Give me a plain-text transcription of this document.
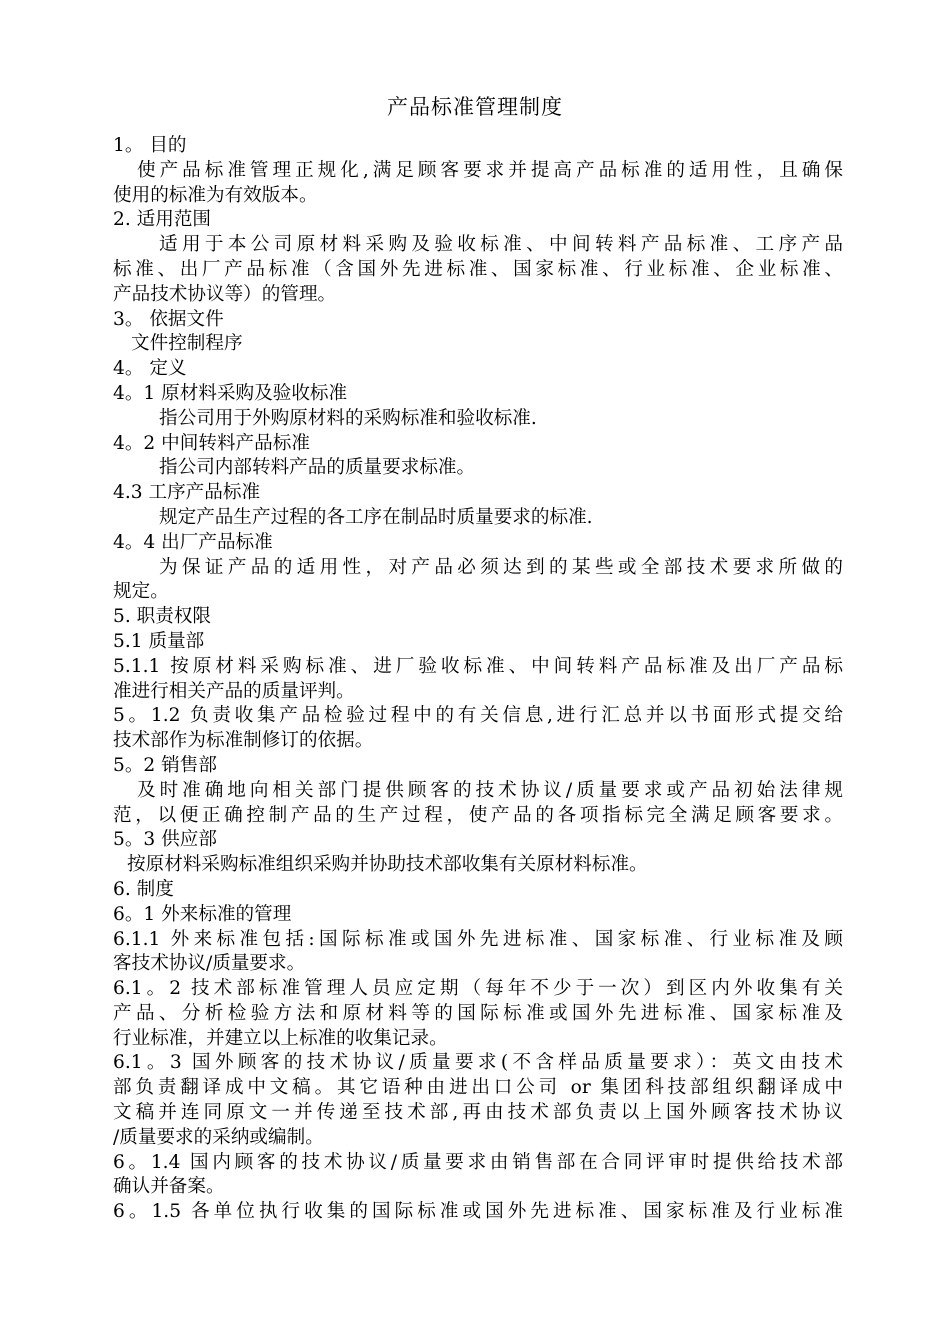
产品标准管理制度
1。 目的
使产品标准管理正规化,满足顾客要求并提高产品标准的适用性，且确保
使用的标准为有效版本。
2. 适用范围
适用于本公司原材料采购及验收标准、中间转料产品标准、工序产品
标准、出厂产品标准（含国外先进标准、国家标准、行业标准、企业标准、
产品技术协议等）的管理。
3。 依据文件
文件控制程序
4。 定义
4。1 原材料采购及验收标准
指公司用于外购原材料的采购标准和验收标准.
4。2 中间转料产品标准
指公司内部转料产品的质量要求标准。
4.3 工序产品标准
规定产品生产过程的各工序在制品时质量要求的标准.
4。4 出厂产品标准
为保证产品的适用性，对产品必须达到的某些或全部技术要求所做的
规定。
5. 职责权限
5.1 质量部
5.1.1 按原材料采购标准、进厂验收标准、中间转料产品标准及出厂产品标
准进行相关产品的质量评判。
5。1.2 负责收集产品检验过程中的有关信息,进行汇总并以书面形式提交给
技术部作为标准制修订的依据。
5。2 销售部
及时准确地向相关部门提供顾客的技术协议/质量要求或产品初始法律规
范，以便正确控制产品的生产过程，使产品的各项指标完全满足顾客要求。
5。3 供应部
按原材料采购标准组织采购并协助技术部收集有关原材料标准。
6. 制度
6。1 外来标准的管理
6.1.1 外来标准包括:国际标准或国外先进标准、国家标准、行业标准及顾
客技术协议/质量要求。
6.1。2 技术部标准管理人员应定期（每年不少于一次）到区内外收集有关
产品、分析检验方法和原材料等的国际标准或国外先进标准、国家标准及
行业标准，并建立以上标准的收集记录。
6.1。3 国外顾客的技术协议/质量要求(不含样品质量要求）：英文由技术
部负责翻译成中文稿。其它语种由进出口公司 or 集团科技部组织翻译成中
文稿并连同原文一并传递至技术部,再由技术部负责以上国外顾客技术协议
/质量要求的采纳或编制。
6。1.4 国内顾客的技术协议/质量要求由销售部在合同评审时提供给技术部
确认并备案。
6。1.5 各单位执行收集的国际标准或国外先进标准、国家标准及行业标准
